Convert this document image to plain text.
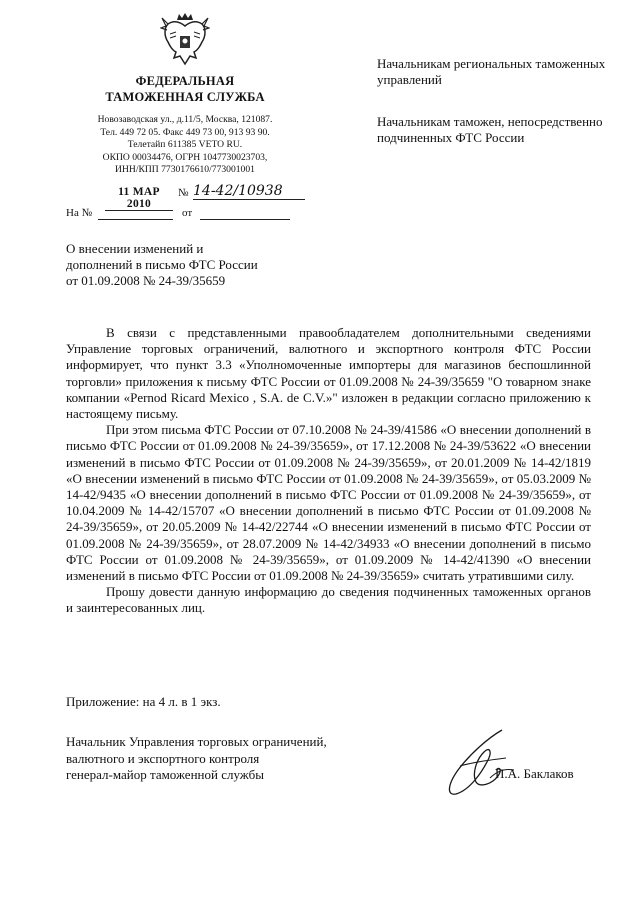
ФЕДЕРАЛЬНАЯ
ТАМОЖЕННАЯ СЛУЖБА
Новозаводская ул., д.11/5, Москва, 121087.
Тел. 449 72 05. Факс 449 73 00, 913 93 90.
Телетайп 611385 VETO RU.
ОКПО 00034476, ОГРН 1047730023703,
ИНН/КПП 7730176610/773001001
11 МАР 2010
№ 14-42/10938
На №	от
О внесении изменений и
дополнений в письмо ФТС России
от 01.09.2008 № 24-39/35659
Начальникам региональных таможенных управлений
Начальникам таможен, непосредственно подчиненных ФТС России

В связи с представленными правообладателем дополнительными сведениями Управление торговых ограничений, валютного и экспортного контроля ФТС России информирует, что пункт 3.3 «Уполномоченные импортеры для магазинов беспошлинной торговли» приложения к письму ФТС России от 01.09.2008 № 24-39/35659 "О товарном знаке компании «Pernod Ricard Mexico , S.A. de C.V.»" изложен в редакции согласно приложению к настоящему письму.

При этом письма ФТС России от 07.10.2008 № 24-39/41586 «О внесении дополнений в письмо ФТС России от 01.09.2008 № 24-39/35659», от 17.12.2008 № 24-39/53622 «О внесении изменений в письмо ФТС России от 01.09.2008 № 24-39/35659», от 20.01.2009 № 14-42/1819 «О внесении изменений в письмо ФТС России от 01.09.2008 № 24-39/35659», от 05.03.2009 № 14-42/9435 «О внесении дополнений в письмо ФТС России от 01.09.2008 № 24-39/35659», от 10.04.2009 № 14-42/15707 «О внесении дополнений в письмо ФТС России от 01.09.2008 № 24-39/35659», от 20.05.2009 № 14-42/22744 «О внесении изменений в письмо ФТС России от 01.09.2008 № 24-39/35659», от 28.07.2009 № 14-42/34933 «О внесении дополнений в письмо ФТС России от 01.09.2008 № 24-39/35659», от 01.09.2009 № 14-42/41390 «О внесении изменений в письмо ФТС России от 01.09.2008 № 24-39/35659» считать утратившими силу.

Прошу довести данную информацию до сведения подчиненных таможенных органов и заинтересованных лиц.

Приложение: на 4 л. в 1 экз.
Начальник Управления торговых ограничений,
валютного и экспортного контроля
генерал-майор таможенной службы	П.А. Баклаков
